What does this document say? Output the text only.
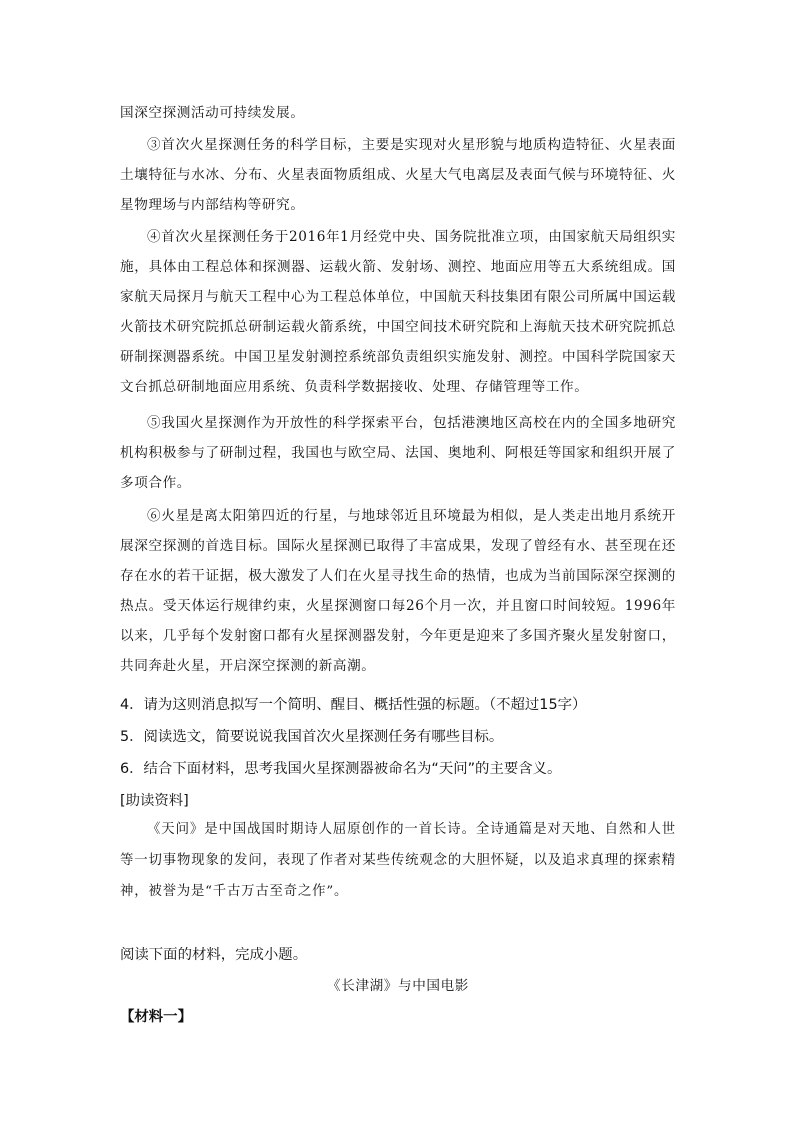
国深空探测活动可持续发展。

③首次火星探测任务的科学目标，主要是实现对火星形貌与地质构造特征、火星表面土壤特征与水冰、分布、火星表面物质组成、火星大气电离层及表面气候与环境特征、火星物理场与内部结构等研究。

④首次火星探测任务于2016年1月经党中央、国务院批准立项，由国家航天局组织实施，具体由工程总体和探测器、运载火箭、发射场、测控、地面应用等五大系统组成。国家航天局探月与航天工程中心为工程总体单位，中国航天科技集团有限公司所属中国运载火箭技术研究院抓总研制运载火箭系统，中国空间技术研究院和上海航天技术研究院抓总研制探测器系统。中国卫星发射测控系统部负责组织实施发射、测控。中国科学院国家天文台抓总研制地面应用系统、负责科学数据接收、处理、存储管理等工作。

⑤我国火星探测作为开放性的科学探索平台，包括港澳地区高校在内的全国多地研究机构积极参与了研制过程，我国也与欧空局、法国、奥地利、阿根廷等国家和组织开展了多项合作。

⑥火星是离太阳第四近的行星，与地球邻近且环境最为相似，是人类走出地月系统开展深空探测的首选目标。国际火星探测已取得了丰富成果，发现了曾经有水、甚至现在还存在水的若干证据，极大激发了人们在火星寻找生命的热情，也成为当前国际深空探测的热点。受天体运行规律约束，火星探测窗口每26个月一次，并且窗口时间较短。1996年以来，几乎每个发射窗口都有火星探测器发射，今年更是迎来了多国齐聚火星发射窗口，共同奔赴火星，开启深空探测的新高潮。

4．请为这则消息拟写一个简明、醒目、概括性强的标题。（不超过15字）

5．阅读选文，简要说说我国首次火星探测任务有哪些目标。

6．结合下面材料，思考我国火星探测器被命名为“天问”的主要含义。

[助读资料]

《天问》是中国战国时期诗人屈原创作的一首长诗。全诗通篇是对天地、自然和人世等一切事物现象的发问，表现了作者对某些传统观念的大胆怀疑，以及追求真理的探索精神，被誉为是“千古万古至奇之作”。

阅读下面的材料，完成小题。

《长津湖》与中国电影

【材料一】
